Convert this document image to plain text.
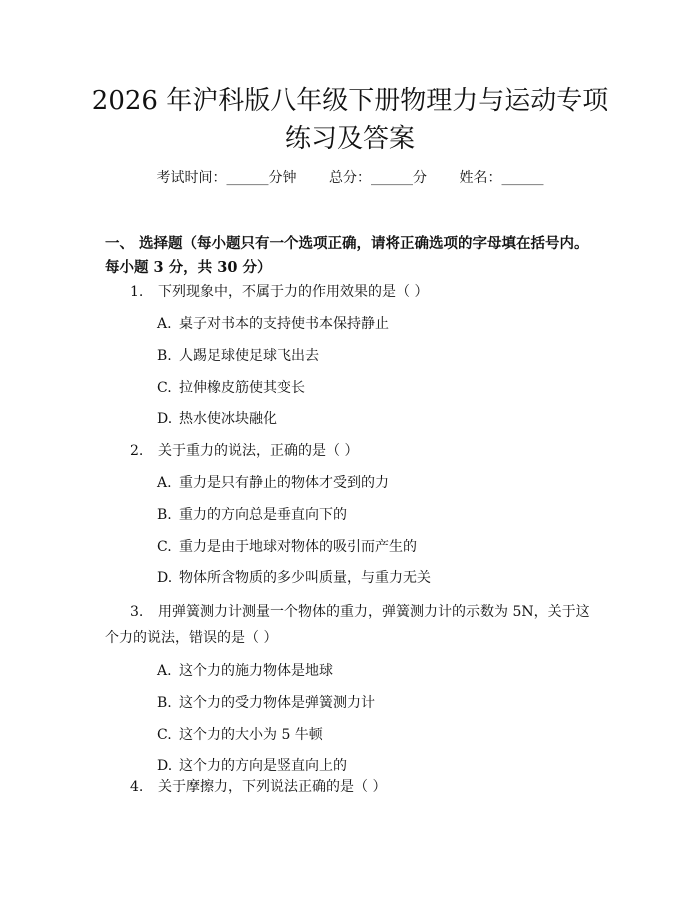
2026 年沪科版八年级下册物理力与运动专项
练习及答案
考试时间：______分钟 总分：______分 姓名：______
一、 选择题（每小题只有一个选项正确，请将正确选项的字母填在括号内。每小题 3 分，共 30 分）
1. 下列现象中，不属于力的作用效果的是（ ）
A. 桌子对书本的支持使书本保持静止
B. 人踢足球使足球飞出去
C. 拉伸橡皮筋使其变长
D. 热水使冰块融化
2. 关于重力的说法，正确的是（ ）
A. 重力是只有静止的物体才受到的力
B. 重力的方向总是垂直向下的
C. 重力是由于地球对物体的吸引而产生的
D. 物体所含物质的多少叫质量，与重力无关
3. 用弹簧测力计测量一个物体的重力，弹簧测力计的示数为 5N，关于这个力的说法，错误的是（ ）
A. 这个力的施力物体是地球
B. 这个力的受力物体是弹簧测力计
C. 这个力的大小为 5 牛顿
D. 这个力的方向是竖直向上的
4. 关于摩擦力，下列说法正确的是（ ）
